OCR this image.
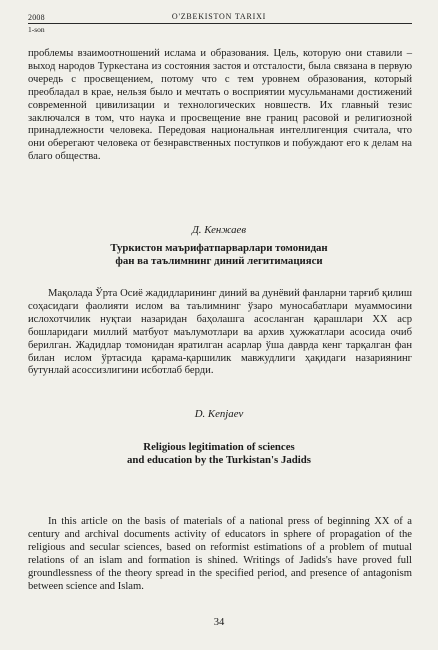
2008
1-son
O'ZBEKISTON TARIXI

проблемы взаимоотношений ислама и образования. Цель, которую они ставили – выход народов Туркестана из состояния застоя и отсталости, была связана в первую очередь с просвещением, потому что с тем уровнем образования, который преобладал в крае, нельзя было и мечтать о восприятии мусульманами достижений современной цивилизации и технологических новшеств. Их главный тезис заключался в том, что наука и просвещение вне границ расовой и религиозной принадлежности человека. Передовая национальная интеллигенция считала, что они оберегают человека от безнравственных поступков и побуждают его к делам на благо общества.

Д. Кенжаев
Туркистон маърифатпарварлари томонидан
фан ва таълимнинг диний легитимацияси

Мақолада Ўрта Осиё жадидларининг диний ва дунёвий фанларни тарғиб қилиш соҳасидаги фаолияти ислом ва таълимнинг ўзаро муносабатлари муаммосини ислохотчилик нуқтаи назаридан баҳолашга асосланган қарашлари ХХ аср бошларидаги миллий матбуот маълумотлари ва архив ҳужжатлари асосида очиб берилган. Жадидлар томонидан яратилган асарлар ўша даврда кенг тарқалган фан билан ислом ўртасида қарама-қаршилик мавжудлиги ҳақидаги назариянинг бутунлай асоссизлигини исботлаб берди.

D. Kenjaev
Religious legitimation of sciences
and education by the Turkistan's Jadids

In this article on the basis of materials of a national press of beginning XX of a century and archival documents activity of educators in sphere of propagation of the religious and secular sciences, based on reformist estimations of a problem of mutual relations of an islam and formation is shined. Writings of Jadids's have proved full groundlessness of the theory spread in the specified period, and presence of antagonism between science and Islam.

34
